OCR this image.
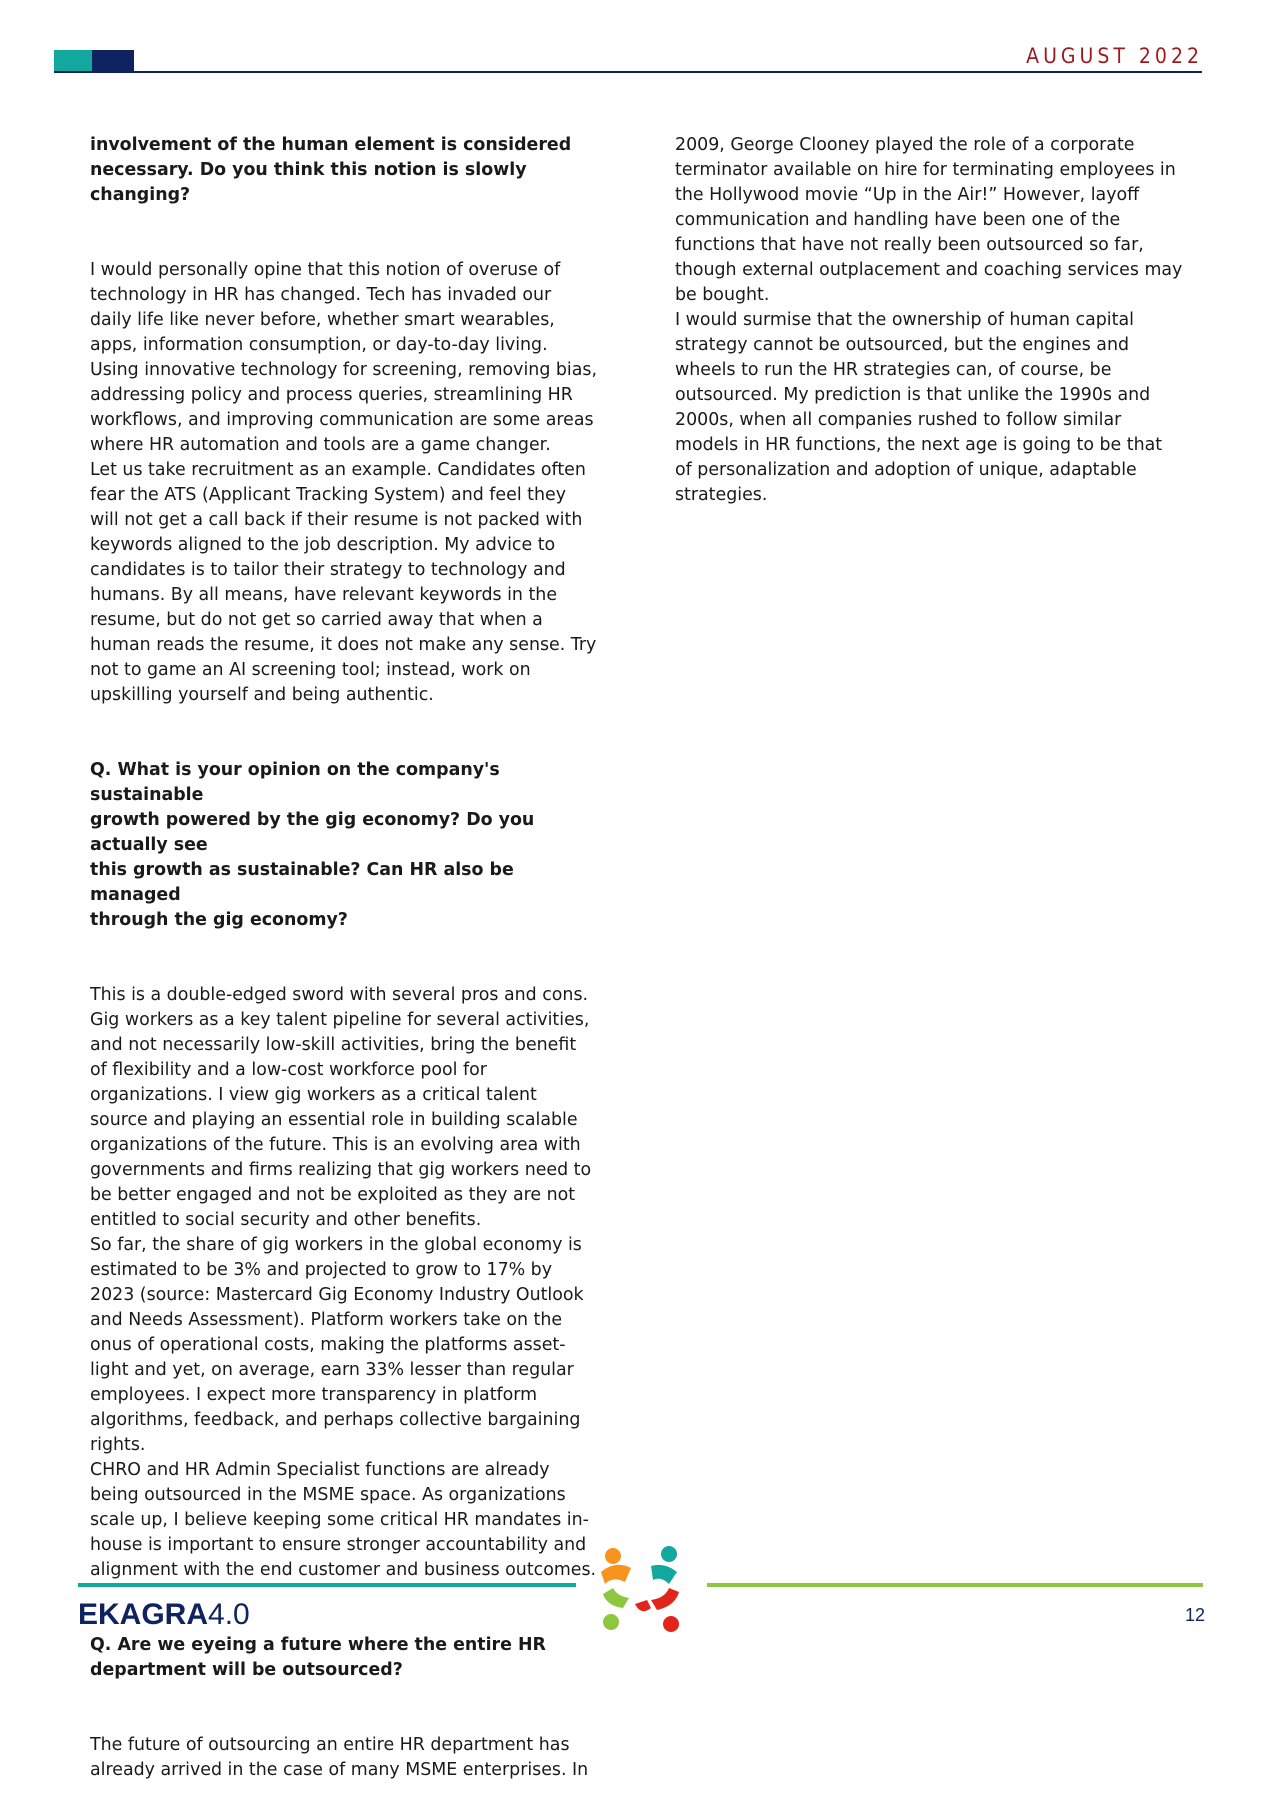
AUGUST 2022

involvement of the human element is considered
necessary. Do you think this notion is slowly changing?

I would personally opine that this notion of overuse of
technology in HR has changed. Tech has invaded our
daily life like never before, whether smart wearables,
apps, information consumption, or day-to-day living.
Using innovative technology for screening, removing bias,
addressing policy and process queries, streamlining HR
workflows, and improving communication are some areas
where HR automation and tools are a game changer.
Let us take recruitment as an example. Candidates often
fear the ATS (Applicant Tracking System) and feel they
will not get a call back if their resume is not packed with
keywords aligned to the job description. My advice to
candidates is to tailor their strategy to technology and
humans. By all means, have relevant keywords in the
resume, but do not get so carried away that when a
human reads the resume, it does not make any sense. Try
not to game an AI screening tool; instead, work on
upskilling yourself and being authentic.

Q. What is your opinion on the company's sustainable
growth powered by the gig economy? Do you actually see
this growth as sustainable? Can HR also be managed
through the gig economy?

This is a double-edged sword with several pros and cons.
Gig workers as a key talent pipeline for several activities,
and not necessarily low-skill activities, bring the benefit
of flexibility and a low-cost workforce pool for
organizations. I view gig workers as a critical talent
source and playing an essential role in building scalable
organizations of the future. This is an evolving area with
governments and firms realizing that gig workers need to
be better engaged and not be exploited as they are not
entitled to social security and other benefits.
So far, the share of gig workers in the global economy is
estimated to be 3% and projected to grow to 17% by
2023 (source: Mastercard Gig Economy Industry Outlook
and Needs Assessment). Platform workers take on the
onus of operational costs, making the platforms asset-
light and yet, on average, earn 33% lesser than regular
employees. I expect more transparency in platform
algorithms, feedback, and perhaps collective bargaining
rights.
CHRO and HR Admin Specialist functions are already
being outsourced in the MSME space. As organizations
scale up, I believe keeping some critical HR mandates in-
house is important to ensure stronger accountability and
alignment with the end customer and business outcomes.

Q. Are we eyeing a future where the entire HR
department will be outsourced?

The future of outsourcing an entire HR department has
already arrived in the case of many MSME enterprises. In

2009, George Clooney played the role of a corporate
terminator available on hire for terminating employees in
the Hollywood movie “Up in the Air!” However, layoff
communication and handling have been one of the
functions that have not really been outsourced so far,
though external outplacement and coaching services may
be bought.
I would surmise that the ownership of human capital
strategy cannot be outsourced, but the engines and
wheels to run the HR strategies can, of course, be
outsourced. My prediction is that unlike the 1990s and
2000s, when all companies rushed to follow similar
models in HR functions, the next age is going to be that
of personalization and adoption of unique, adaptable
strategies.

EKAGRA4.0	12
